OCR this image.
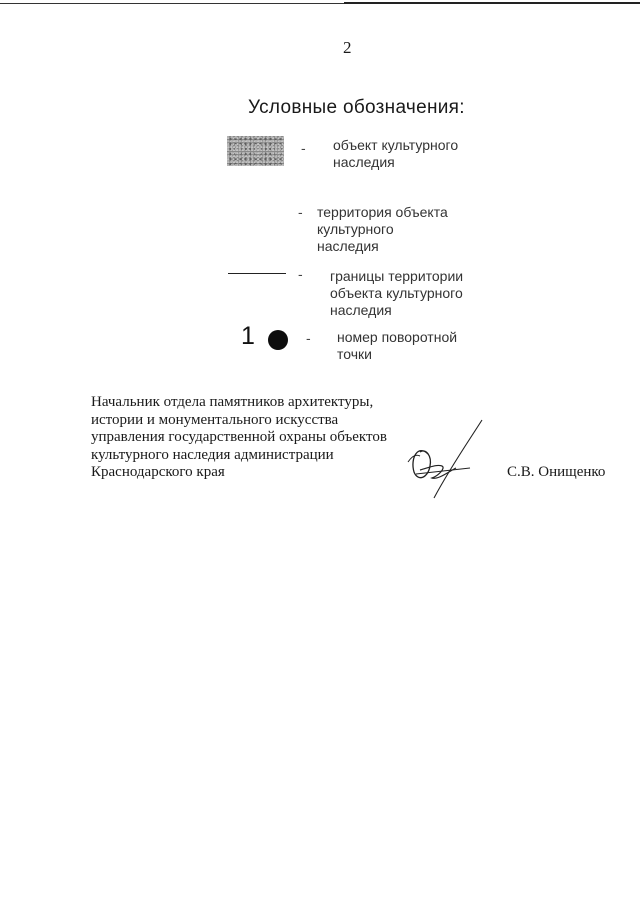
2
Условные обозначения:
- объект культурного
наследия
- территория объекта
культурного
наследия
- границы территории
объекта культурного
наследия
1	- номер поворотной
точки
Начальник отдела памятников архитектуры,
истории и монументального искусства
управления государственной охраны объектов
культурного наследия администрации
Краснодарского края	С.В. Онищенко
